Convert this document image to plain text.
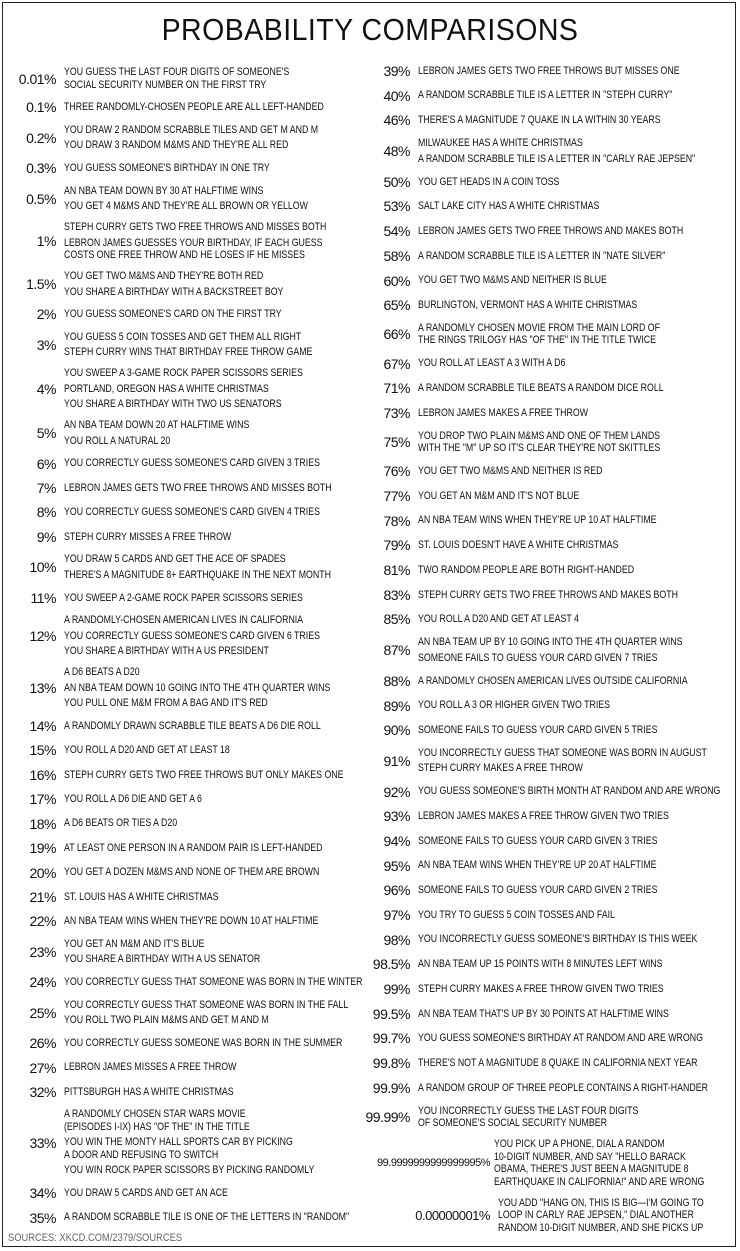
PROBABILITY COMPARISONS
0.01% YOU GUESS THE LAST FOUR DIGITS OF SOMEONE'S
SOCIAL SECURITY NUMBER ON THE FIRST TRY
0.1% THREE RANDOMLY-CHOSEN PEOPLE ARE ALL LEFT-HANDED
0.2% YOU DRAW 2 RANDOM SCRABBLE TILES AND GET M AND M
YOU DRAW 3 RANDOM M&MS AND THEY'RE ALL RED
0.3% YOU GUESS SOMEONE'S BIRTHDAY IN ONE TRY
0.5% AN NBA TEAM DOWN BY 30 AT HALFTIME WINS
YOU GET 4 M&MS AND THEY'RE ALL BROWN OR YELLOW
1%
STEPH CURRY GETS TWO FREE THROWS AND MISSES BOTH
LEBRON JAMES GUESSES YOUR BIRTHDAY, IF EACH GUESS
COSTS ONE FREE THROW AND HE LOSES IF HE MISSES
1.5% YOU GET TWO M&MS AND THEY'RE BOTH RED
YOU SHARE A BIRTHDAY WITH A BACKSTREET BOY
2% YOU GUESS SOMEONE'S CARD ON THE FIRST TRY
3% YOU GUESS 5 COIN TOSSES AND GET THEM ALL RIGHT
STEPH CURRY WINS THAT BIRTHDAY FREE THROW GAME
4%
YOU SWEEP A 3-GAME ROCK PAPER SCISSORS SERIES
PORTLAND, OREGON HAS A WHITE CHRISTMAS
YOU SHARE A BIRTHDAY WITH TWO US SENATORS
5% AN NBA TEAM DOWN 20 AT HALFTIME WINS
YOU ROLL A NATURAL 20
6% YOU CORRECTLY GUESS SOMEONE'S CARD GIVEN 3 TRIES
7% LEBRON JAMES GETS TWO FREE THROWS AND MISSES BOTH
8% YOU CORRECTLY GUESS SOMEONE'S CARD GIVEN 4 TRIES
9% STEPH CURRY MISSES A FREE THROW
10% YOU DRAW 5 CARDS AND GET THE ACE OF SPADES
THERE'S A MAGNITUDE 8+ EARTHQUAKE IN THE NEXT MONTH
11% YOU SWEEP A 2-GAME ROCK PAPER SCISSORS SERIES
12%
A RANDOMLY-CHOSEN AMERICAN LIVES IN CALIFORNIA
YOU CORRECTLY GUESS SOMEONE'S CARD GIVEN 6 TRIES
YOU SHARE A BIRTHDAY WITH A US PRESIDENT
13%
A D6 BEATS A D20
AN NBA TEAM DOWN 10 GOING INTO THE 4TH QUARTER WINS
YOU PULL ONE M&M FROM A BAG AND IT'S RED
14% A RANDOMLY DRAWN SCRABBLE TILE BEATS A D6 DIE ROLL
15% YOU ROLL A D20 AND GET AT LEAST 18
16% STEPH CURRY GETS TWO FREE THROWS BUT ONLY MAKES ONE
17% YOU ROLL A D6 DIE AND GET A 6
18% A D6 BEATS OR TIES A D20
19% AT LEAST ONE PERSON IN A RANDOM PAIR IS LEFT-HANDED
20% YOU GET A DOZEN M&MS AND NONE OF THEM ARE BROWN
21% ST. LOUIS HAS A WHITE CHRISTMAS
22% AN NBA TEAM WINS WHEN THEY'RE DOWN 10 AT HALFTIME
23% YOU GET AN M&M AND IT'S BLUE
YOU SHARE A BIRTHDAY WITH A US SENATOR
24% YOU CORRECTLY GUESS THAT SOMEONE WAS BORN IN THE WINTER
25% YOU CORRECTLY GUESS THAT SOMEONE WAS BORN IN THE FALL
YOU ROLL TWO PLAIN M&MS AND GET M AND M
26% YOU CORRECTLY GUESS SOMEONE WAS BORN IN THE SUMMER
27% LEBRON JAMES MISSES A FREE THROW
32% PITTSBURGH HAS A WHITE CHRISTMAS
33%
A RANDOMLY CHOSEN STAR WARS MOVIE
(EPISODES I-IX) HAS "OF THE" IN THE TITLE
YOU WIN THE MONTY HALL SPORTS CAR BY PICKING
A DOOR AND REFUSING TO SWITCH
YOU WIN ROCK PAPER SCISSORS BY PICKING RANDOMLY
34% YOU DRAW 5 CARDS AND GET AN ACE
35% A RANDOM SCRABBLE TILE IS ONE OF THE LETTERS IN "RANDOM"
39% LEBRON JAMES GETS TWO FREE THROWS BUT MISSES ONE
40% A RANDOM SCRABBLE TILE IS A LETTER IN "STEPH CURRY"
46% THERE'S A MAGNITUDE 7 QUAKE IN LA WITHIN 30 YEARS
48% MILWAUKEE HAS A WHITE CHRISTMAS
A RANDOM SCRABBLE TILE IS A LETTER IN "CARLY RAE JEPSEN"
50% YOU GET HEADS IN A COIN TOSS
53% SALT LAKE CITY HAS A WHITE CHRISTMAS
54% LEBRON JAMES GETS TWO FREE THROWS AND MAKES BOTH
58% A RANDOM SCRABBLE TILE IS A LETTER IN "NATE SILVER"
60% YOU GET TWO M&MS AND NEITHER IS BLUE
65% BURLINGTON, VERMONT HAS A WHITE CHRISTMAS
66% A RANDOMLY CHOSEN MOVIE FROM THE MAIN LORD OF
THE RINGS TRILOGY HAS "OF THE" IN THE TITLE TWICE
67% YOU ROLL AT LEAST A 3 WITH A D6
71% A RANDOM SCRABBLE TILE BEATS A RANDOM DICE ROLL
73% LEBRON JAMES MAKES A FREE THROW
75% YOU DROP TWO PLAIN M&MS AND ONE OF THEM LANDS
WITH THE "M" UP SO IT'S CLEAR THEY'RE NOT SKITTLES
76% YOU GET TWO M&MS AND NEITHER IS RED
77% YOU GET AN M&M AND IT'S NOT BLUE
78% AN NBA TEAM WINS WHEN THEY'RE UP 10 AT HALFTIME
79% ST. LOUIS DOESN'T HAVE A WHITE CHRISTMAS
81% TWO RANDOM PEOPLE ARE BOTH RIGHT-HANDED
83% STEPH CURRY GETS TWO FREE THROWS AND MAKES BOTH
85% YOU ROLL A D20 AND GET AT LEAST 4
87% AN NBA TEAM UP BY 10 GOING INTO THE 4TH QUARTER WINS
SOMEONE FAILS TO GUESS YOUR CARD GIVEN 7 TRIES
88% A RANDOMLY CHOSEN AMERICAN LIVES OUTSIDE CALIFORNIA
89% YOU ROLL A 3 OR HIGHER GIVEN TWO TRIES
90% SOMEONE FAILS TO GUESS YOUR CARD GIVEN 5 TRIES
91% YOU INCORRECTLY GUESS THAT SOMEONE WAS BORN IN AUGUST
STEPH CURRY MAKES A FREE THROW
92% YOU GUESS SOMEONE'S BIRTH MONTH AT RANDOM AND ARE WRONG
93% LEBRON JAMES MAKES A FREE THROW GIVEN TWO TRIES
94% SOMEONE FAILS TO GUESS YOUR CARD GIVEN 3 TRIES
95% AN NBA TEAM WINS WHEN THEY'RE UP 20 AT HALFTIME
96% SOMEONE FAILS TO GUESS YOUR CARD GIVEN 2 TRIES
97% YOU TRY TO GUESS 5 COIN TOSSES AND FAIL
98% YOU INCORRECTLY GUESS SOMEONE'S BIRTHDAY IS THIS WEEK
98.5% AN NBA TEAM UP 15 POINTS WITH 8 MINUTES LEFT WINS
99% STEPH CURRY MAKES A FREE THROW GIVEN TWO TRIES
99.5% AN NBA TEAM THAT'S UP BY 30 POINTS AT HALFTIME WINS
99.7% YOU GUESS SOMEONE'S BIRTHDAY AT RANDOM AND ARE WRONG
99.8% THERE'S NOT A MAGNITUDE 8 QUAKE IN CALIFORNIA NEXT YEAR
99.9% A RANDOM GROUP OF THREE PEOPLE CONTAINS A RIGHT-HANDER
99.99% YOU INCORRECTLY GUESS THE LAST FOUR DIGITS
OF SOMEONE'S SOCIAL SECURITY NUMBER
99.9999999999999995%
YOU PICK UP A PHONE, DIAL A RANDOM
10-DIGIT NUMBER, AND SAY "HELLO BARACK
OBAMA, THERE'S JUST BEEN A MAGNITUDE 8
EARTHQUAKE IN CALIFORNIA!" AND ARE WRONG
0.00000001%
YOU ADD "HANG ON, THIS IS BIG—I'M GOING TO
LOOP IN CARLY RAE JEPSEN," DIAL ANOTHER
RANDOM 10-DIGIT NUMBER, AND SHE PICKS UP
SOURCES: XKCD.COM/2379/SOURCES
